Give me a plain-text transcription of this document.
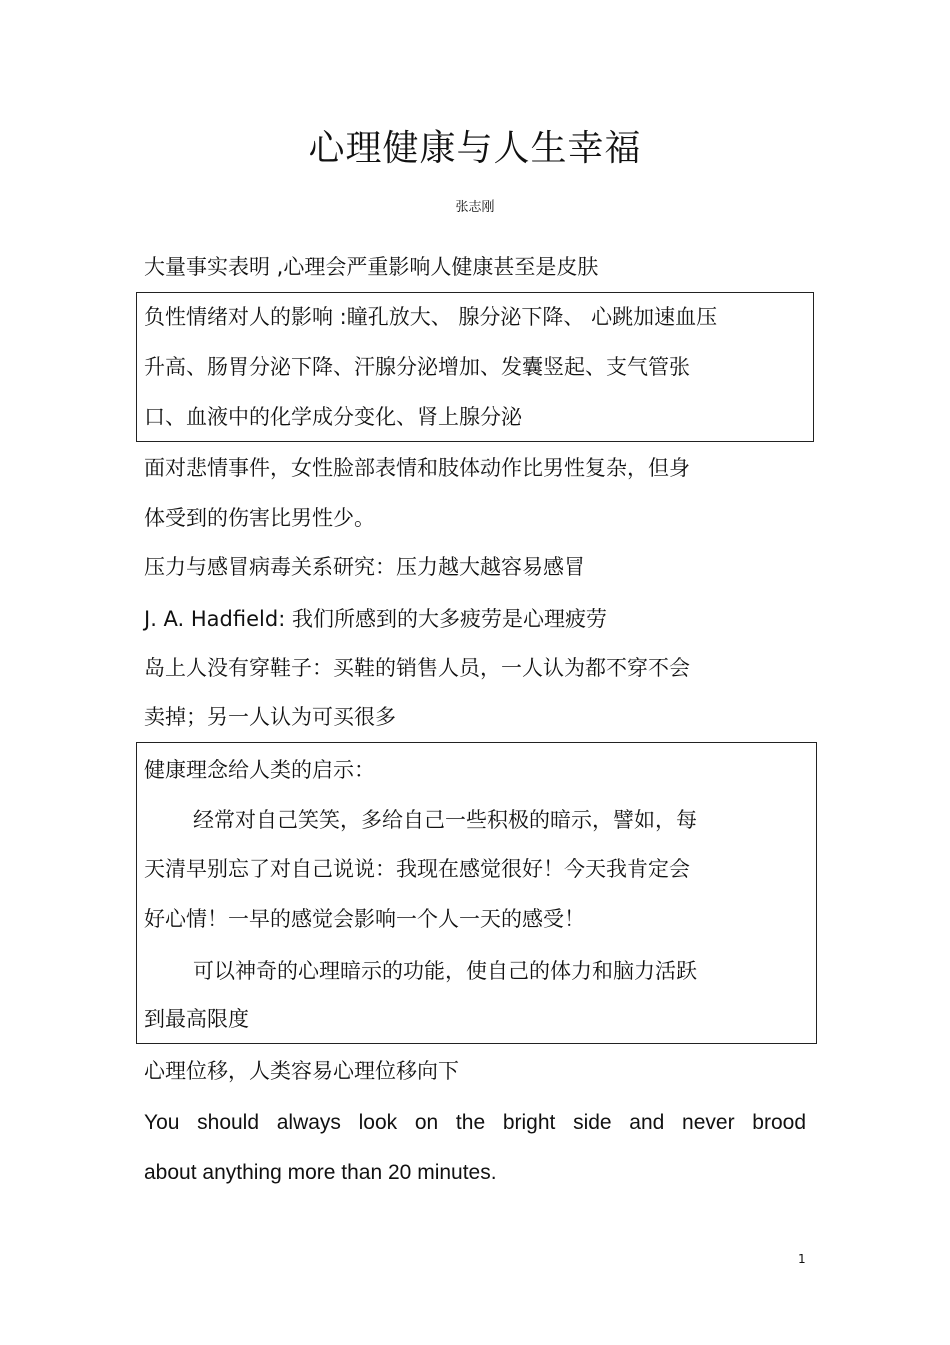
心理健康与人生幸福
张志刚
大量事实表明 ,心理会严重影响人健康甚至是皮肤
负性情绪对人的影响 :瞳孔放大、 腺分泌下降、 心跳加速血压
升高、肠胃分泌下降、汗腺分泌增加、发囊竖起、支气管张
口、血液中的化学成分变化、肾上腺分泌
面对悲情事件，女性脸部表情和肢体动作比男性复杂，但身
体受到的伤害比男性少。
压力与感冒病毒关系研究：压力越大越容易感冒
J. A. Hadfield: 我们所感到的大多疲劳是心理疲劳
岛上人没有穿鞋子：买鞋的销售人员，一人认为都不穿不会
卖掉；另一人认为可买很多
健康理念给人类的启示：
经常对自己笑笑，多给自己一些积极的暗示，譬如，每
天清早别忘了对自己说说：我现在感觉很好！今天我肯定会
好心情！一早的感觉会影响一个人一天的感受！
可以神奇的心理暗示的功能，使自己的体力和脑力活跃
到最高限度
心理位移，人类容易心理位移向下
You should always look on the bright side and never brood
about anything more than 20 minutes.
1
